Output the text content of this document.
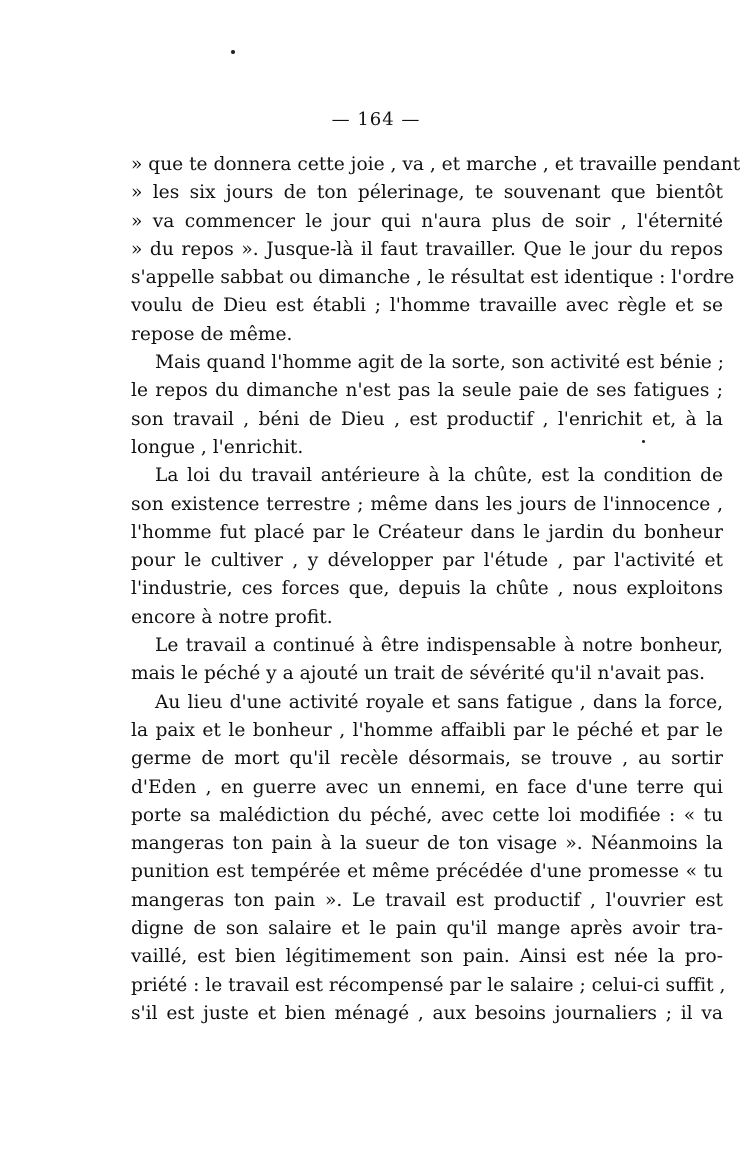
— 164 —
» que te donnera cette joie , va , et marche , et travaille pendant
» les six jours de ton pélerinage, te souvenant que bientôt
» va commencer le jour qui n'aura plus de soir , l'éternité
» du repos ». Jusque-là il faut travailler. Que le jour du repos
s'appelle sabbat ou dimanche , le résultat est identique : l'ordre
voulu de Dieu est établi ; l'homme travaille avec règle et se
repose de même.
Mais quand l'homme agit de la sorte, son activité est bénie ;
le repos du dimanche n'est pas la seule paie de ses fatigues ;
son travail , béni de Dieu , est productif , l'enrichit et, à la
longue , l'enrichit.
La loi du travail antérieure à la chûte, est la condition de
son existence terrestre ; même dans les jours de l'innocence ,
l'homme fut placé par le Créateur dans le jardin du bonheur
pour le cultiver , y développer par l'étude , par l'activité et
l'industrie, ces forces que, depuis la chûte , nous exploitons
encore à notre profit.
Le travail a continué à être indispensable à notre bonheur,
mais le péché y a ajouté un trait de sévérité qu'il n'avait pas.
Au lieu d'une activité royale et sans fatigue , dans la force,
la paix et le bonheur , l'homme affaibli par le péché et par le
germe de mort qu'il recèle désormais, se trouve , au sortir
d'Eden , en guerre avec un ennemi, en face d'une terre qui
porte sa malédiction du péché, avec cette loi modifiée : « tu
mangeras ton pain à la sueur de ton visage ». Néanmoins la
punition est tempérée et même précédée d'une promesse « tu
mangeras ton pain ». Le travail est productif , l'ouvrier est
digne de son salaire et le pain qu'il mange après avoir tra-
vaillé, est bien légitimement son pain. Ainsi est née la pro-
priété : le travail est récompensé par le salaire ; celui-ci suffit ,
s'il est juste et bien ménagé , aux besoins journaliers ; il va
